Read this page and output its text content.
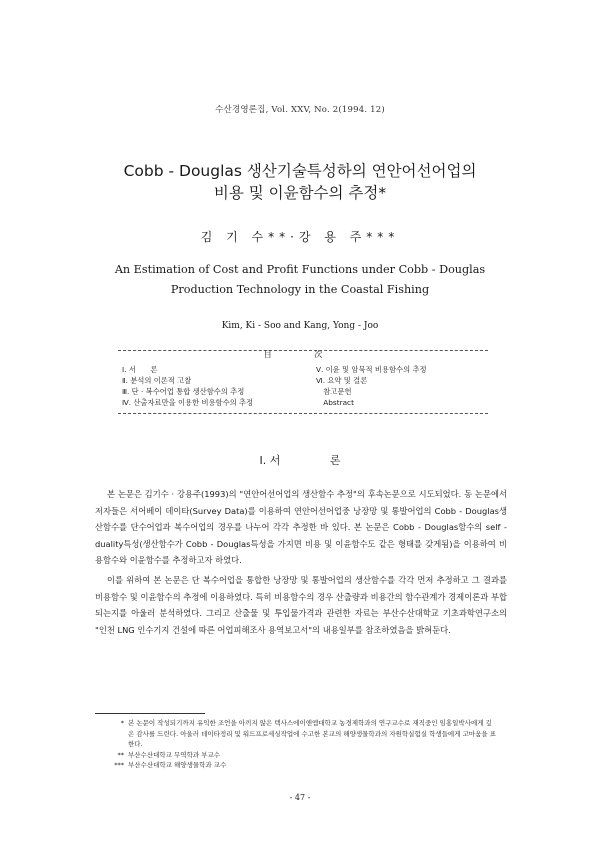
수산경영론집, Vol. XXV, No. 2(1994. 12)
Cobb - Douglas 생산기술특성하의 연안어선어업의
비용 및 이윤함수의 추정*
김 기 수**·강 용 주***
An Estimation of Cost and Profit Functions under Cobb - Douglas
Production Technology in the Coastal Fishing
Kim, Ki - Soo and Kang, Yong - Joo
目 次
Ⅰ. 서　　론
Ⅱ. 분석의 이론적 고찰
Ⅲ. 단 · 복수어업 통합 생산함수의 추정
Ⅳ. 산출자료만을 이용한 비용함수의 추정
Ⅴ. 이윤 및 암묵적 비용함수의 추정
Ⅵ. 요약 및 결론
　참고문헌
　Abstract
Ⅰ. 서	론

본 논문은 김기수 · 강용주(1993)의 "연안어선어업의 생산함수 추정"의 후속논문으로 시도되었다. 동 논문에서 저자들은 서어베이 데이타(Survey Data)를 이용하여 연안어선어업중 낭장망 및 통발어업의 Cobb - Douglas생산함수를 단수어업과 복수어업의 경우를 나누어 각각 추정한 바 있다. 본 논문은 Cobb - Douglas함수의 self - duality특성(생산함수가 Cobb - Douglas특성을 가지면 비용 및 이윤함수도 같은 형태를 갖게됨)을 이용하여 비용함수와 이윤함수를 추정하고자 하였다.

이를 위하여 본 논문은 단 복수어업을 통합한 낭장망 및 통발어업의 생산함수를 각각 먼저 추정하고 그 결과를 비용함수 및 이윤함수의 추정에 이용하였다. 특히 비용함수의 경우 산출량과 비용간의 함수관계가 경제이론과 부합되는지를 아울러 분석하였다. 그리고 산출물 및 투입물가격과 관련한 자료는 부산수산대학교 기초과학연구소의 "인천 LNG 인수기지 건설에 따른 어업피해조사 용역보고서"의 내용일부를 참조하였음을 밝혀둔다.

* 본 논문이 작성되기까지 유익한 조언을 아끼지 않은 텍사스에이앤엠대학교 농경제학과의 연구교수로 재직중인 임홍일박사에게 깊은 감사를 드린다. 아울러 데이타정리 및 워드프로세싱작업에 수고한 본교의 해양생물학과의 자원학실험실 학생들에게 고마움을 표한다.
** 부산수산대학교 무역학과 부교수
*** 부산수산대학교 해양생물학과 교수
- 47 -
